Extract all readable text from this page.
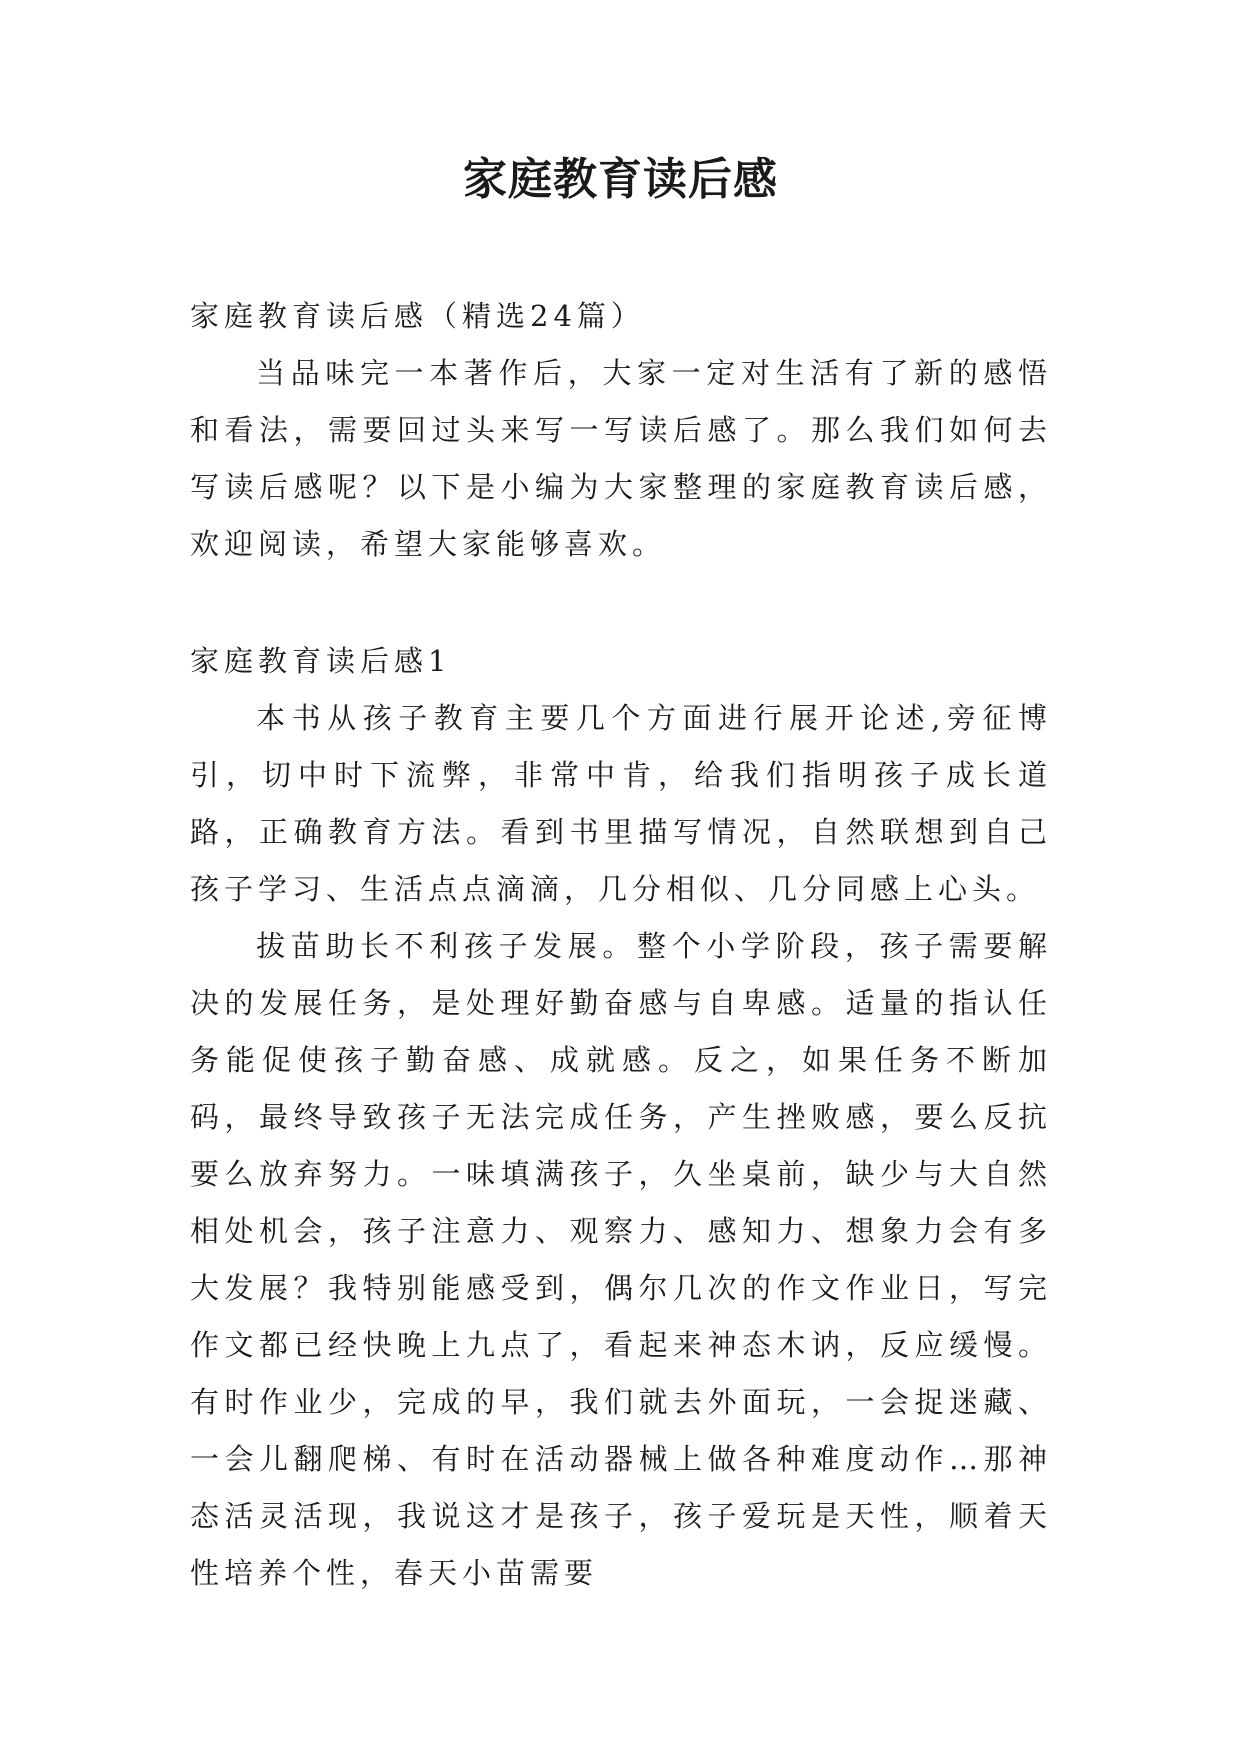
家庭教育读后感

家庭教育读后感（精选24篇）

当品味完一本著作后，大家一定对生活有了新的感悟和看法，需要回过头来写一写读后感了。那么我们如何去写读后感呢？以下是小编为大家整理的家庭教育读后感，欢迎阅读，希望大家能够喜欢。

家庭教育读后感1

本书从孩子教育主要几个方面进行展开论述,旁征博引，切中时下流弊，非常中肯，给我们指明孩子成长道路，正确教育方法。看到书里描写情况，自然联想到自己孩子学习、生活点点滴滴，几分相似、几分同感上心头。

拔苗助长不利孩子发展。整个小学阶段，孩子需要解决的发展任务，是处理好勤奋感与自卑感。适量的指认任务能促使孩子勤奋感、成就感。反之，如果任务不断加码，最终导致孩子无法完成任务，产生挫败感，要么反抗要么放弃努力。一味填满孩子，久坐桌前，缺少与大自然相处机会，孩子注意力、观察力、感知力、想象力会有多大发展？我特别能感受到，偶尔几次的作文作业日，写完作文都已经快晚上九点了，看起来神态木讷，反应缓慢。有时作业少，完成的早，我们就去外面玩，一会捉迷藏、一会儿翻爬梯、有时在活动器械上做各种难度动作…那神态活灵活现，我说这才是孩子，孩子爱玩是天性，顺着天性培养个性，春天小苗需要
